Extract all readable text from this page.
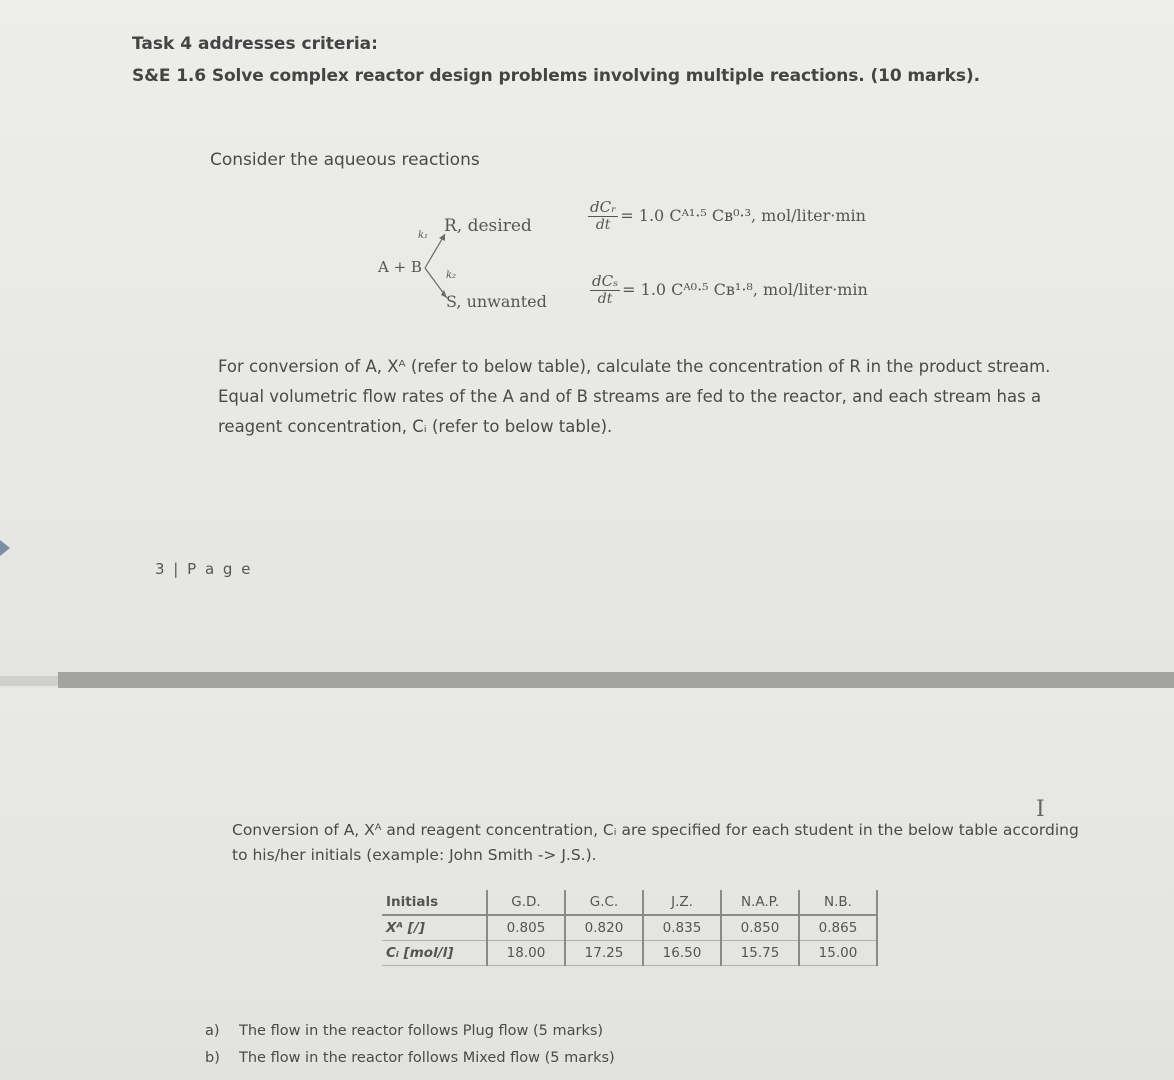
Task 4 addresses criteria:
S&E 1.6 Solve complex reactor design problems involving multiple reactions. (10 marks).
Consider the aqueous reactions
A + B
k₁
k₂
R, desired
S, unwanted
$\frac{\text{dCᵣ}}{dt} = 1.0$ Cᴬ¹·⁵ Cʙ⁰·³, mol/liter·min
$\frac{\text{dCₛ}}{dt} = 1.0$ Cᴬ⁰·⁵ Cʙ¹·⁸, mol/liter·min
For conversion of A, Xᴬ (refer to below table), calculate the concentration of R in the product stream. Equal volumetric flow rates of the A and of B streams are fed to the reactor, and each stream has a reagent concentration, Cᵢ (refer to below table).
3 | P a g e
I
Conversion of A, Xᴬ and reagent concentration, Cᵢ are specified for each student in the below table according to his/her initials (example: John Smith -> J.S.).
Initials	G.D.	G.C.	J.Z.	N.A.P.	N.B.
Xᴬ [/]	0.805	0.820	0.835	0.850	0.865
Cᵢ [mol/l]	18.00	17.25	16.50	15.75	15.00
a) The flow in the reactor follows Plug flow (5 marks)
b) The flow in the reactor follows Mixed flow (5 marks)
